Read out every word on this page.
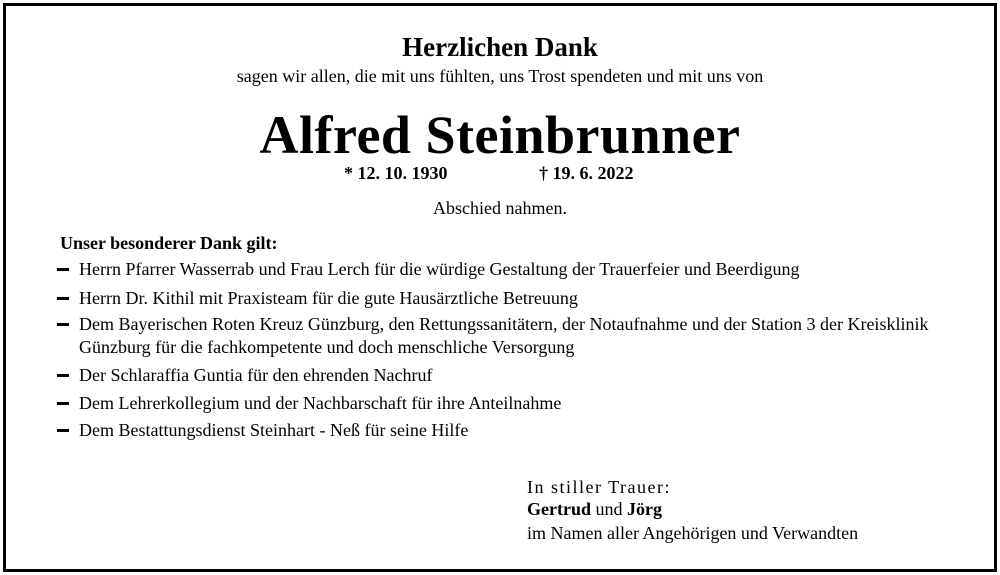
Herzlichen Dank
sagen wir allen, die mit uns fühlten, uns Trost spendeten und mit uns von
Alfred Steinbrunner
* 12. 10. 1930	† 19. 6. 2022
Abschied nahmen.
Unser besonderer Dank gilt:
Herrn Pfarrer Wasserrab und Frau Lerch für die würdige Gestaltung der Trauerfeier und Beerdigung
Herrn Dr. Kithil mit Praxisteam für die gute Hausärztliche Betreuung
Dem Bayerischen Roten Kreuz Günzburg, den Rettungssanitätern, der Notaufnahme und der Station 3 der Kreisklinik Günzburg für die fachkompetente und doch menschliche Versorgung
Der Schlaraffia Guntia für den ehrenden Nachruf
Dem Lehrerkollegium und der Nachbarschaft für ihre Anteilnahme
Dem Bestattungsdienst Steinhart - Neß für seine Hilfe
In stiller Trauer:
Gertrud und Jörg
im Namen aller Angehörigen und Verwandten
